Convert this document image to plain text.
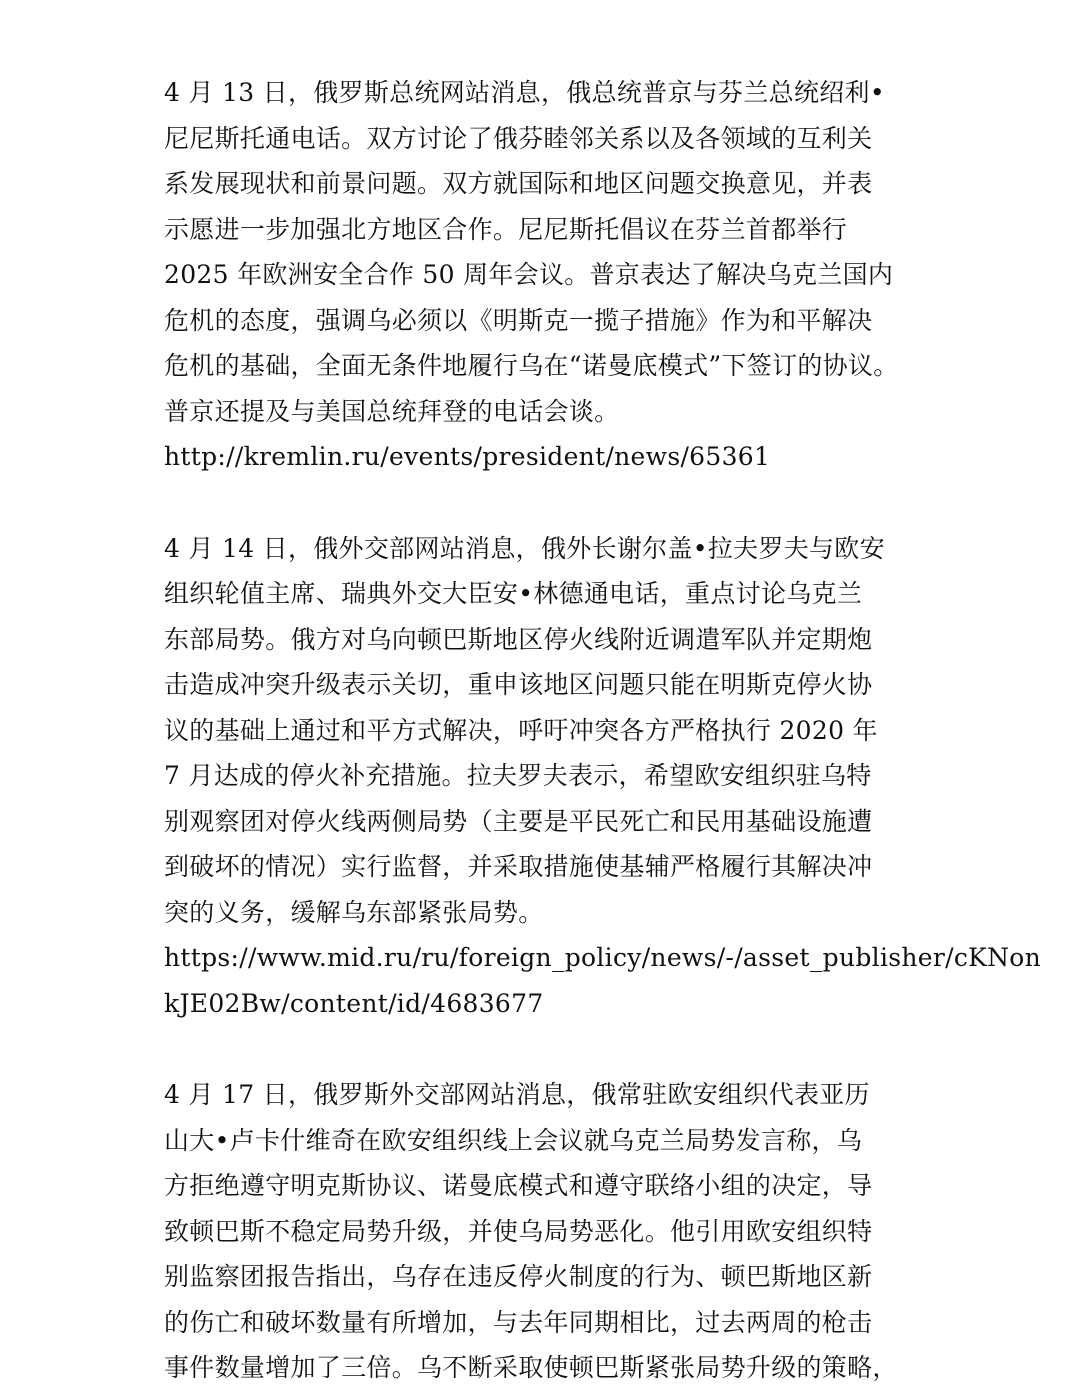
4 月 13 日，俄罗斯总统网站消息，俄总统普京与芬兰总统绍利•
尼尼斯托通电话。双方讨论了俄芬睦邻关系以及各领域的互利关
系发展现状和前景问题。双方就国际和地区问题交换意见，并表
示愿进一步加强北方地区合作。尼尼斯托倡议在芬兰首都举行
2025 年欧洲安全合作 50 周年会议。普京表达了解决乌克兰国内
危机的态度，强调乌必须以《明斯克一揽子措施》作为和平解决
危机的基础，全面无条件地履行乌在“诺曼底模式”下签订的协议。
普京还提及与美国总统拜登的电话会谈。
http://kremlin.ru/events/president/news/65361
4 月 14 日，俄外交部网站消息，俄外长谢尔盖•拉夫罗夫与欧安
组织轮值主席、瑞典外交大臣安•林德通电话，重点讨论乌克兰
东部局势。俄方对乌向顿巴斯地区停火线附近调遣军队并定期炮
击造成冲突升级表示关切，重申该地区问题只能在明斯克停火协
议的基础上通过和平方式解决，呼吁冲突各方严格执行 2020 年
7 月达成的停火补充措施。拉夫罗夫表示，希望欧安组织驻乌特
别观察团对停火线两侧局势（主要是平民死亡和民用基础设施遭
到破坏的情况）实行监督，并采取措施使基辅严格履行其解决冲
突的义务，缓解乌东部紧张局势。
https://www.mid.ru/ru/foreign_policy/news/-/asset_publisher/cKNon
kJE02Bw/content/id/4683677
4 月 17 日，俄罗斯外交部网站消息，俄常驻欧安组织代表亚历
山大•卢卡什维奇在欧安组织线上会议就乌克兰局势发言称，乌
方拒绝遵守明克斯协议、诺曼底模式和遵守联络小组的决定，导
致顿巴斯不稳定局势升级，并使乌局势恶化。他引用欧安组织特
别监察团报告指出，乌存在违反停火制度的行为、顿巴斯地区新
的伤亡和破坏数量有所增加，与去年同期相比，过去两周的枪击
事件数量增加了三倍。乌不断采取使顿巴斯紧张局势升级的策略，
